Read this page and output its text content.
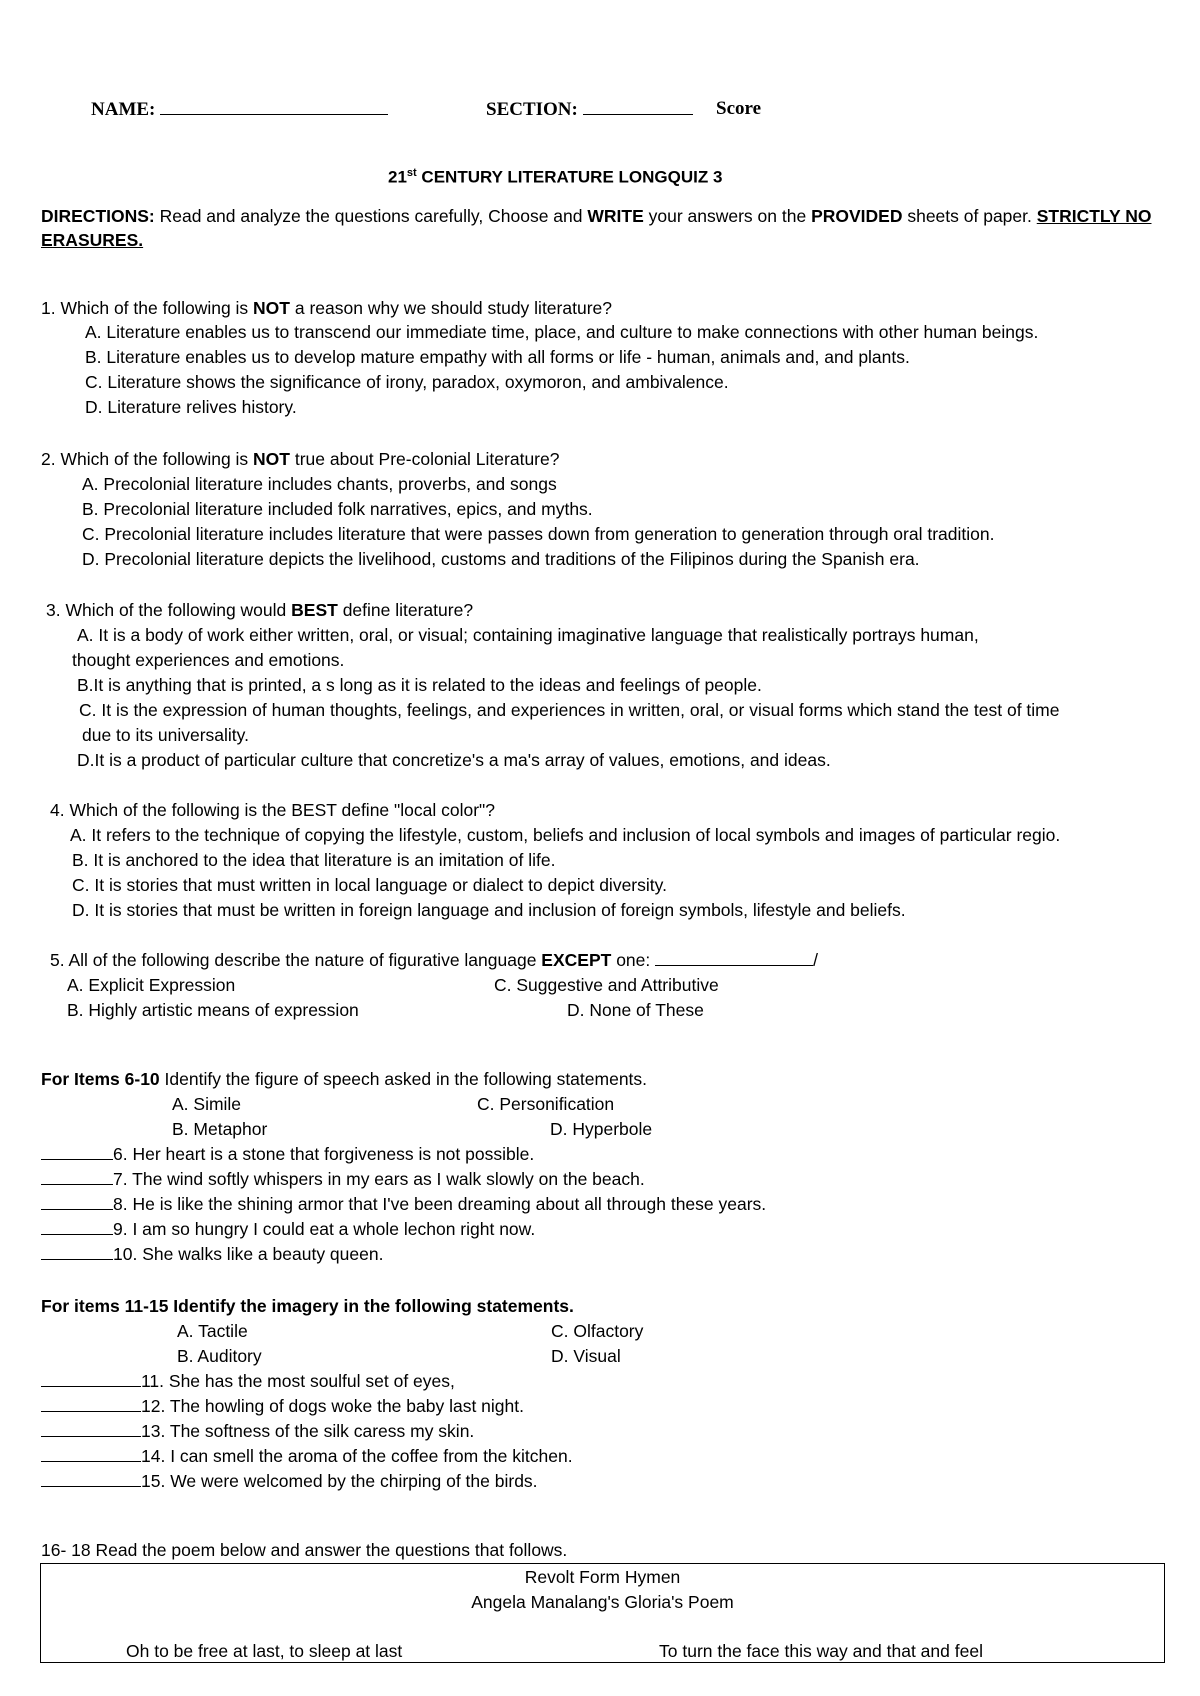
NAME:	SECTION:	Score
21st CENTURY LITERATURE LONGQUIZ 3
DIRECTIONS: Read and analyze the questions carefully, Choose and WRITE your answers on the PROVIDED sheets of paper. STRICTLY NO
ERASURES.
1. Which of the following is NOT a reason why we should study literature?
A. Literature enables us to transcend our immediate time, place, and culture to make connections with other human beings.
B. Literature enables us to develop mature empathy with all forms or life - human, animals and, and plants.
C. Literature shows the significance of irony, paradox, oxymoron, and ambivalence.
D. Literature relives history.
2. Which of the following is NOT true about Pre-colonial Literature?
A. Precolonial literature includes chants, proverbs, and songs
B. Precolonial literature included folk narratives, epics, and myths.
C. Precolonial literature includes literature that were passes down from generation to generation through oral tradition.
D. Precolonial literature depicts the livelihood, customs and traditions of the Filipinos during the Spanish era.
3. Which of the following would BEST define literature?
A. It is a body of work either written, oral, or visual; containing imaginative language that realistically portrays human,
thought experiences and emotions.
B.It is anything that is printed, a s long as it is related to the ideas and feelings of people.
C. It is the expression of human thoughts, feelings, and experiences in written, oral, or visual forms which stand the test of time
due to its universality.
D.It is a product of particular culture that concretize's a ma's array of values, emotions, and ideas.
4. Which of the following is the BEST define "local color"?
A. It refers to the technique of copying the lifestyle, custom, beliefs and inclusion of local symbols and images of particular regio.
B. It is anchored to the idea that literature is an imitation of life.
C. It is stories that must written in local language or dialect to depict diversity.
D. It is stories that must be written in foreign language and inclusion of foreign symbols, lifestyle and beliefs.
5. All of the following describe the nature of figurative language EXCEPT one:	/
A. Explicit Expression	C. Suggestive and Attributive
B. Highly artistic means of expression	D. None of These
For Items 6-10 Identify the figure of speech asked in the following statements.
A. Simile	C. Personification
B. Metaphor	D. Hyperbole
6. Her heart is a stone that forgiveness is not possible.
7. The wind softly whispers in my ears as I walk slowly on the beach.
8. He is like the shining armor that I've been dreaming about all through these years.
9. I am so hungry I could eat a whole lechon right now.
10. She walks like a beauty queen.
For items 11-15 Identify the imagery in the following statements.
A. Tactile	C. Olfactory
B. Auditory	D. Visual
11. She has the most soulful set of eyes,
12. The howling of dogs woke the baby last night.
13. The softness of the silk caress my skin.
14. I can smell the aroma of the coffee from the kitchen.
15. We were welcomed by the chirping of the birds.
16- 18 Read the poem below and answer the questions that follows.
Revolt Form Hymen
Angela Manalang's Gloria's Poem
Oh to be free at last, to sleep at last	To turn the face this way and that and feel
